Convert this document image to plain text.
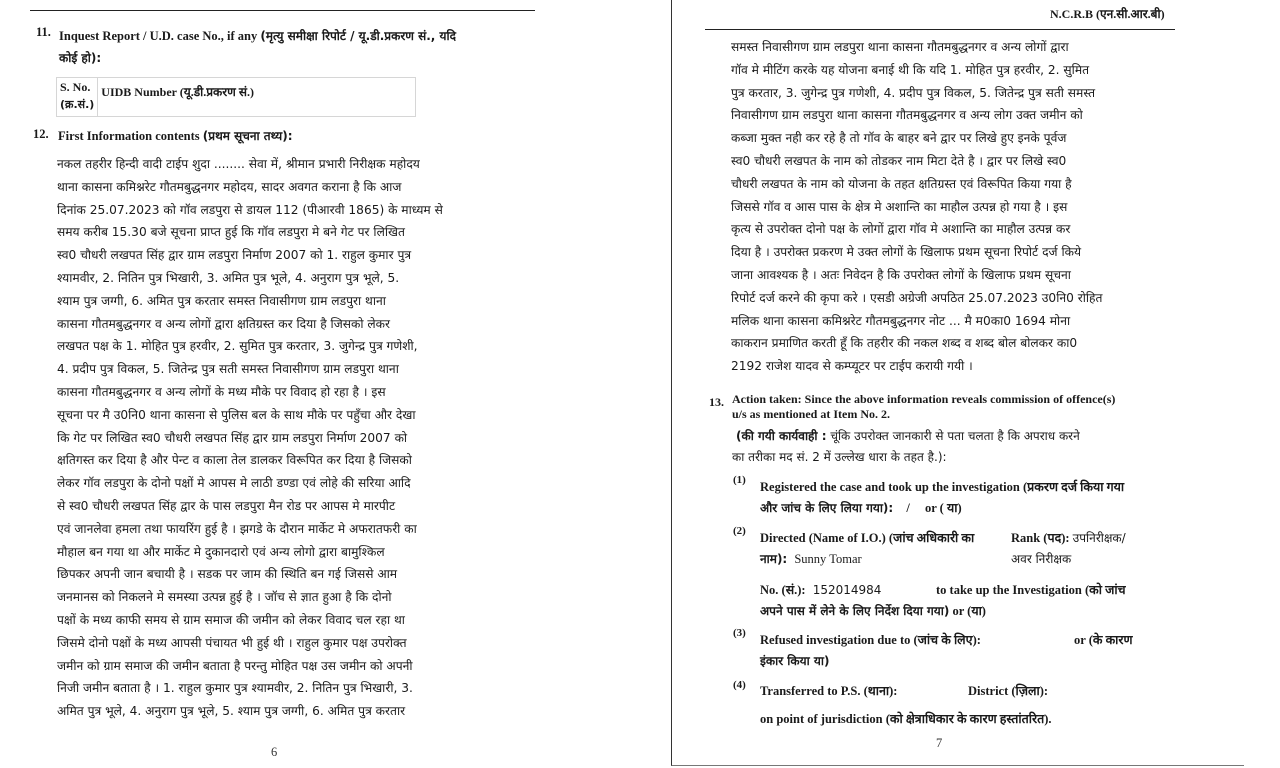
11. Inquest Report / U.D. case No., if any (मृत्यु समीक्षा रिपोर्ट / यू.डी.प्रकरण सं., यदि
कोई हो):
S. No.
(क्र.सं.)	UIDB Number (यू.डी.प्रकरण सं.)
12. First Information contents (प्रथम सूचना तथ्य):
नकल तहरीर हिन्दी वादी टाईप शुदा ........ सेवा में, श्रीमान प्रभारी निरीक्षक महोदय
थाना कासना कमिश्नरेट गौतमबुद्धनगर महोदय, सादर अवगत कराना है कि आज
दिनांक 25.07.2023 को गॉव लडपुरा से डायल 112 (पीआरवी 1865) के माध्यम से
समय करीब 15.30 बजे सूचना प्राप्त हुई कि गॉव लडपुरा मे बने गेट पर लिखित
स्व0 चौधरी लखपत सिंह द्वार ग्राम लडपुरा निर्माण 2007 को 1. राहुल कुमार पुत्र
श्यामवीर, 2. नितिन पुत्र भिखारी, 3. अमित पुत्र भूले, 4. अनुराग पुत्र भूले, 5.
श्याम पुत्र जग्गी, 6. अमित पुत्र करतार समस्त निवासीगण ग्राम लडपुरा थाना
कासना गौतमबुद्धनगर व अन्य लोगों द्वारा क्षतिग्रस्त कर दिया है जिसको लेकर
लखपत पक्ष के 1. मोहित पुत्र हरवीर, 2. सुमित पुत्र करतार, 3. जुगेन्द्र पुत्र गणेशी,
4. प्रदीप पुत्र विकल, 5. जितेन्द्र पुत्र सती समस्त निवासीगण ग्राम लडपुरा थाना
कासना गौतमबुद्धनगर व अन्य लोगों के मध्य मौके पर विवाद हो रहा है । इस
सूचना पर मै उ0नि0 थाना कासना से पुलिस बल के साथ मौके पर पहुँचा और देखा
कि गेट पर लिखित स्व0 चौधरी लखपत सिंह द्वार ग्राम लडपुरा निर्माण 2007 को
क्षतिगस्त कर दिया है और पेन्ट व काला तेल डालकर विरूपित कर दिया है जिसको
लेकर गॉव लडपुरा के दोनो पक्षों मे आपस मे लाठी डण्डा एवं लोहे की सरिया आदि
से स्व0 चौधरी लखपत सिंह द्वार के पास लडपुरा मैन रोड पर आपस मे मारपीट
एवं जानलेवा हमला तथा फायरिंग हुई है । झगडे के दौरान मार्केट मे अफरातफरी का
मौहाल बन गया था और मार्केट मे दुकानदारो एवं अन्य लोगो द्वारा बामुश्किल
छिपकर अपनी जान बचायी है । सडक पर जाम की स्थिति बन गई जिससे आम
जनमानस को निकलने मे समस्या उत्पन्न हुई है । जॉच से ज्ञात हुआ है कि दोनो
पक्षों के मध्य काफी समय से ग्राम समाज की जमीन को लेकर विवाद चल रहा था
जिसमे दोनो पक्षों के मध्य आपसी पंचायत भी हुई थी । राहुल कुमार पक्ष उपरोक्त
जमीन को ग्राम समाज की जमीन बताता है परन्तु मोहित पक्ष उस जमीन को अपनी
निजी जमीन बताता है । 1. राहुल कुमार पुत्र श्यामवीर, 2. नितिन पुत्र भिखारी, 3.
अमित पुत्र भूले, 4. अनुराग पुत्र भूले, 5. श्याम पुत्र जग्गी, 6. अमित पुत्र करतार
6
N.C.R.B (एन.सी.आर.बी)
समस्त निवासीगण ग्राम लडपुरा थाना कासना गौतमबुद्धनगर व अन्य लोगों द्वारा
गॉव मे मीटिंग करके यह योजना बनाई थी कि यदि 1. मोहित पुत्र हरवीर, 2. सुमित
पुत्र करतार, 3. जुगेन्द्र पुत्र गणेशी, 4. प्रदीप पुत्र विकल, 5. जितेन्द्र पुत्र सती समस्त
निवासीगण ग्राम लडपुरा थाना कासना गौतमबुद्धनगर व अन्य लोग उक्त जमीन को
कब्जा मुक्त नही कर रहे है तो गॉव के बाहर बने द्वार पर लिखे हुए इनके पूर्वज
स्व0 चौधरी लखपत के नाम को तोडकर नाम मिटा देते है । द्वार पर लिखे स्व0
चौधरी लखपत के नाम को योजना के तहत क्षतिग्रस्त एवं विरूपित किया गया है
जिससे गॉव व आस पास के क्षेत्र मे अशान्ति का माहौल उत्पन्न हो गया है । इस
कृत्य से उपरोक्त दोनो पक्ष के लोगों द्वारा गॉव मे अशान्ति का माहौल उत्पन्न कर
दिया है । उपरोक्त प्रकरण मे उक्त लोगों के खिलाफ प्रथम सूचना रिपोर्ट दर्ज किये
जाना आवश्यक है । अतः निवेदन है कि उपरोक्त लोगों के खिलाफ प्रथम सूचना
रिपोर्ट दर्ज करने की कृपा करे । एसडी अग्रेजी अपठित 25.07.2023 उ0नि0 रोहित
मलिक थाना कासना कमिश्नरेट गौतमबुद्धनगर नोट ... मै म0का0 1694 मोना
काकरान प्रमाणित करती हूँ कि तहरीर की नकल शब्द व शब्द बोल बोलकर का0
2192 राजेश यादव से कम्प्यूटर पर टाईप करायी गयी ।
13. Action taken: Since the above information reveals commission of offence(s)
u/s as mentioned at Item No. 2.
(की गयी कार्यवाही : चूंकि उपरोक्त जानकारी से पता चलता है कि अपराध करने
का तरीका मद सं. 2 में उल्लेख धारा के तहत है.):
(1) Registered the case and took up the investigation (प्रकरण दर्ज किया गया
और जांच के लिए लिया गया): / or ( या)
(2) Directed (Name of I.O.) (जांच अधिकारी का
नाम): Sunny Tomar
Rank (पद): उपनिरीक्षक/
अवर निरीक्षक
No. (सं.): 152014984	to take up the Investigation (को जांच
अपने पास में लेने के लिए निर्देश दिया गया) or (या)
(3) Refused investigation due to (जांच के लिए):
इंकार किया या)
or (के कारण
(4) Transferred to P.S. (थाना):	District (ज़िला):
on point of jurisdiction (को क्षेत्राधिकार के कारण हस्तांतरित).
7
